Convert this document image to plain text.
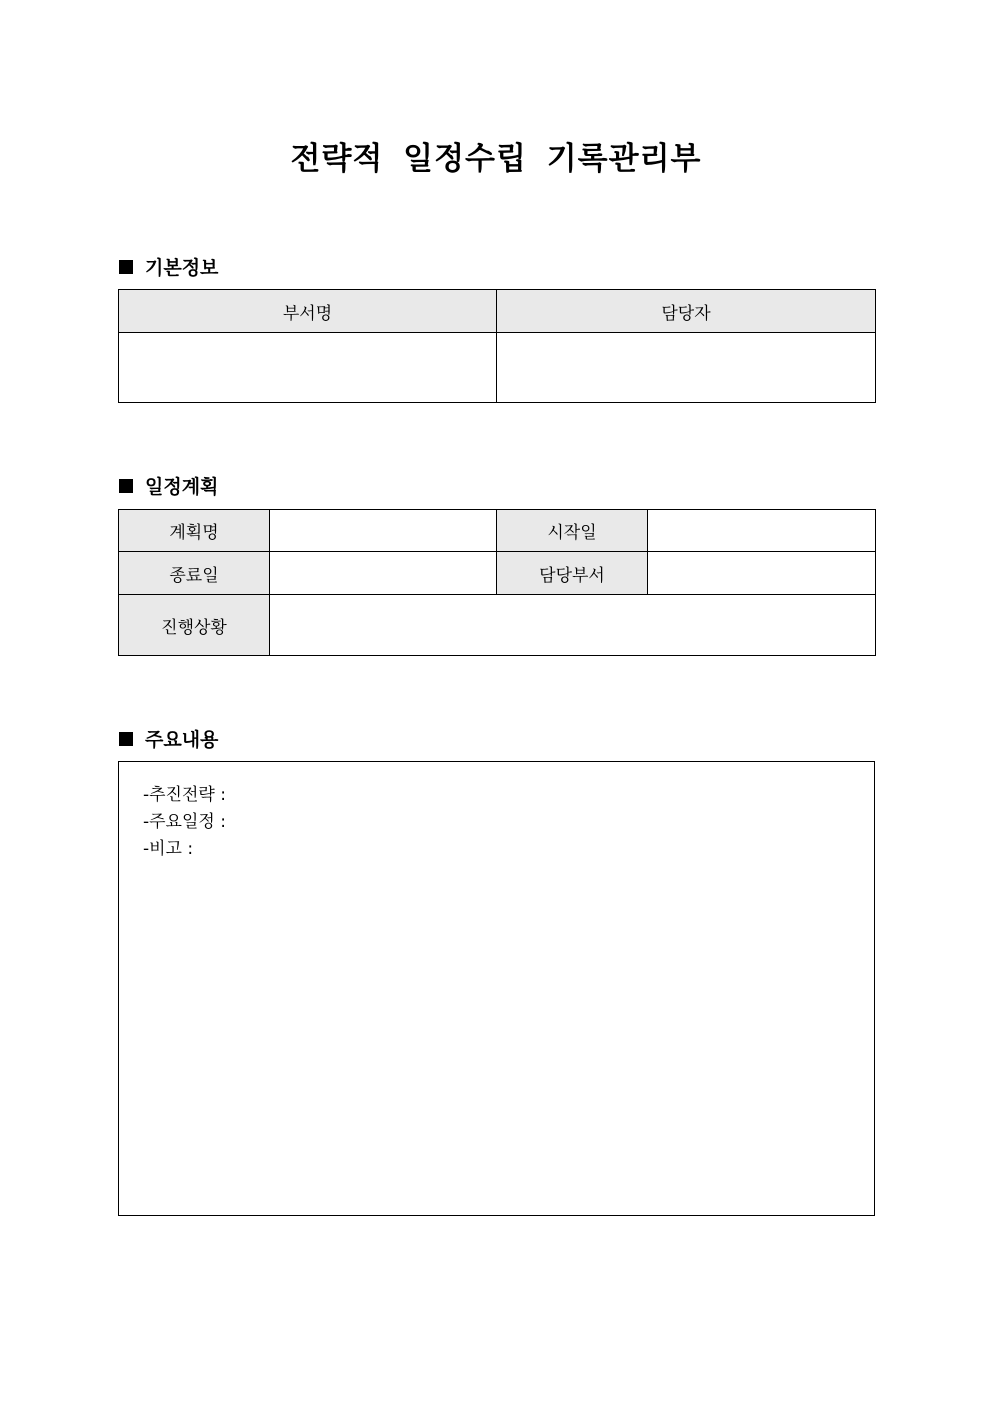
전략적 일정수립 기록관리부
기본정보
부서명	담당자

일정계획
계획명		시작일	
종료일		담당부서	
진행상황			
주요내용
-추진전략 :
-주요일정 :
-비고 :
